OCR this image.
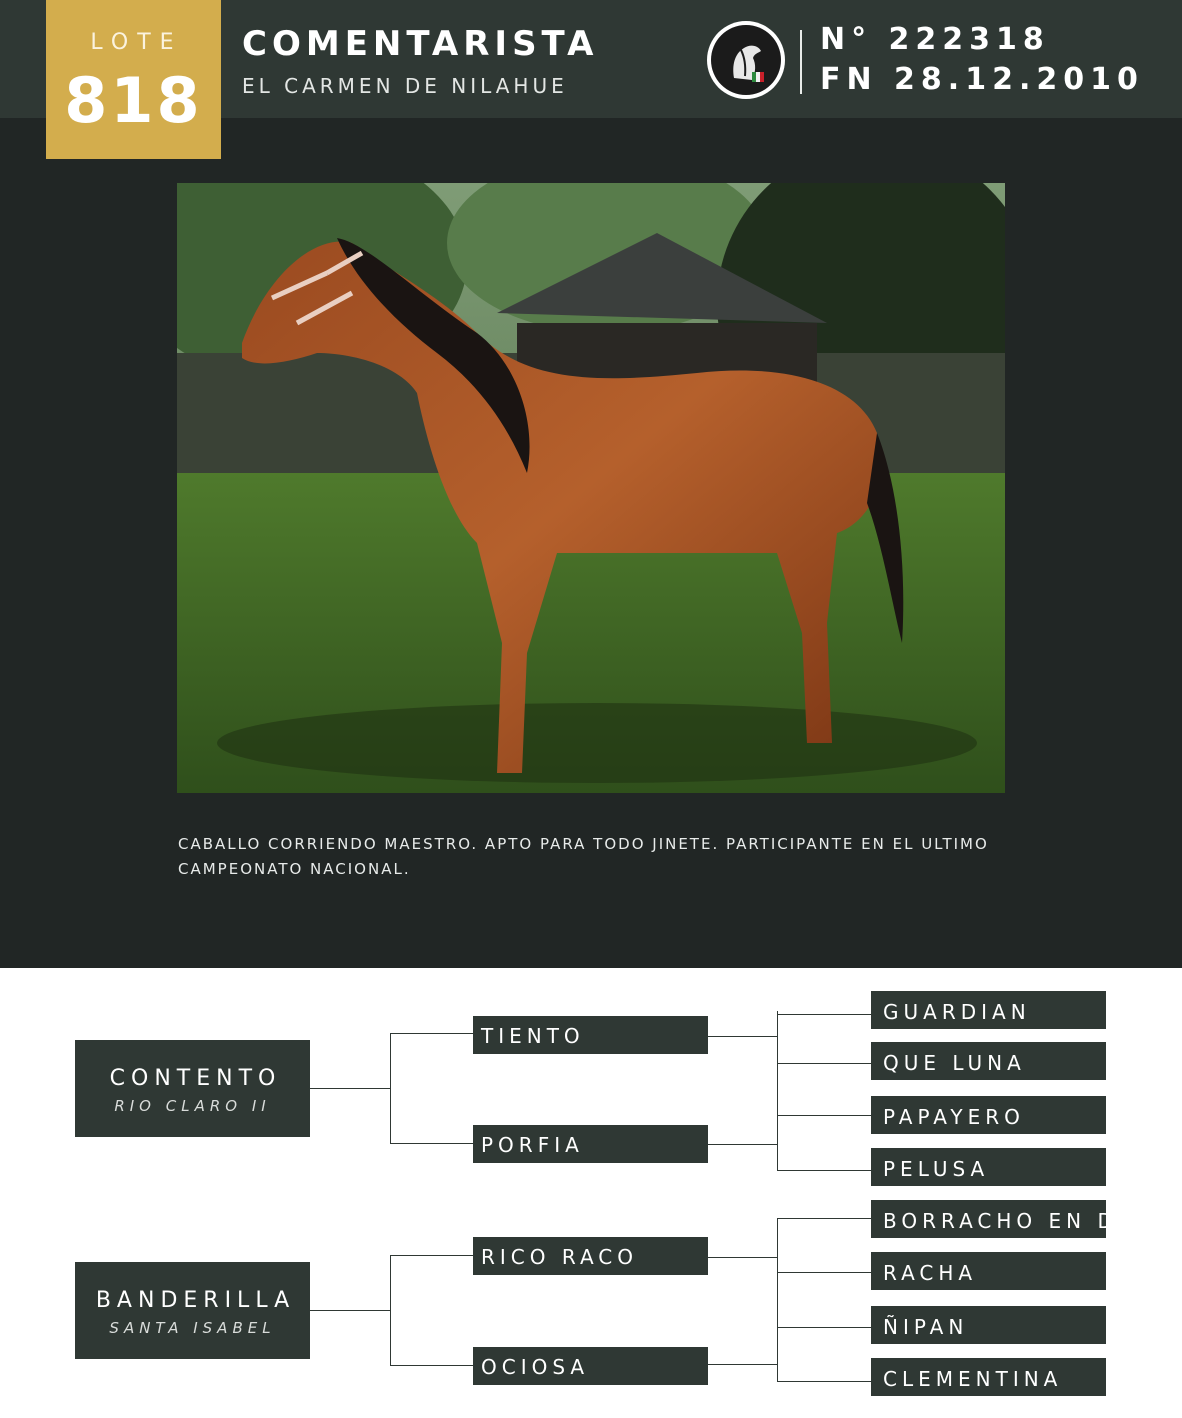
LOTE
818
COMENTARISTA
EL CARMEN DE NILAHUE
N° 222318
FN 28.12.2010
CABALLO CORRIENDO MAESTRO. APTO PARA TODO JINETE. PARTICIPANTE EN EL ULTIMO CAMPEONATO NACIONAL.
CONTENTO
RIO CLARO II
BANDERILLA
SANTA ISABEL
TIENTO
PORFIA
RICO RACO
OCIOSA
GUARDIAN
QUE LUNA
PAPAYERO
PELUSA
BORRACHO EN DGO
RACHA
ÑIPAN
CLEMENTINA
